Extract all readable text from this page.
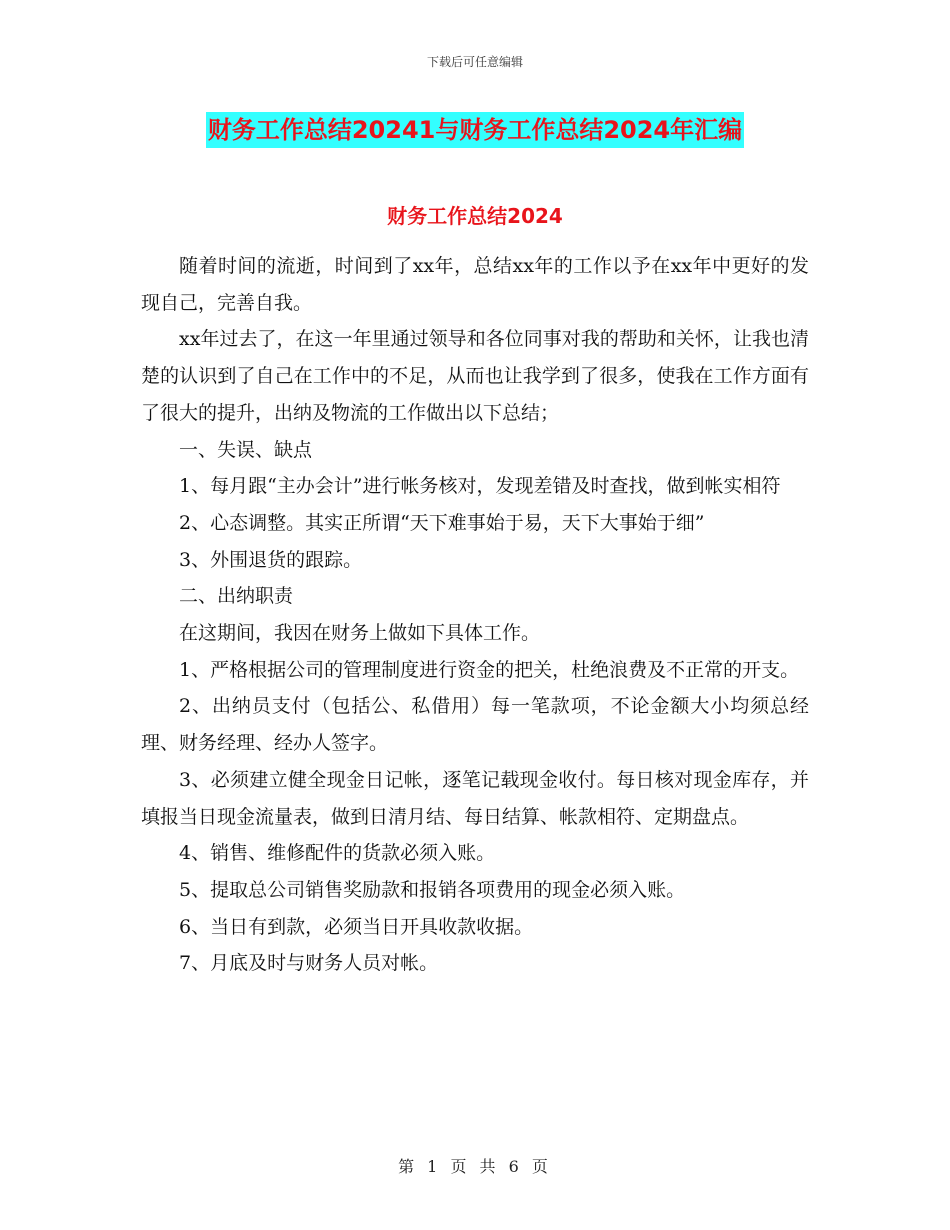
下载后可任意编辑
财务工作总结20241与财务工作总结2024年汇编
财务工作总结2024

随着时间的流逝，时间到了xx年，总结xx年的工作以予在xx年中更好的发现自己，完善自我。

xx年过去了，在这一年里通过领导和各位同事对我的帮助和关怀，让我也清楚的认识到了自己在工作中的不足，从而也让我学到了很多，使我在工作方面有了很大的提升，出纳及物流的工作做出以下总结；

一、失误、缺点

1、每月跟“主办会计”进行帐务核对，发现差错及时查找，做到帐实相符

2、心态调整。其实正所谓“天下难事始于易，天下大事始于细”

3、外围退货的跟踪。

二、出纳职责

在这期间，我因在财务上做如下具体工作。

1、严格根据公司的管理制度进行资金的把关，杜绝浪费及不正常的开支。

2、出纳员支付（包括公、私借用）每一笔款项，不论金额大小均须总经理、财务经理、经办人签字。

3、必须建立健全现金日记帐，逐笔记载现金收付。每日核对现金库存，并填报当日现金流量表，做到日清月结、每日结算、帐款相符、定期盘点。

4、销售、维修配件的货款必须入账。

5、提取总公司销售奖励款和报销各项费用的现金必须入账。

6、当日有到款，必须当日开具收款收据。

7、月底及时与财务人员对帐。

第 1 页 共 6 页
